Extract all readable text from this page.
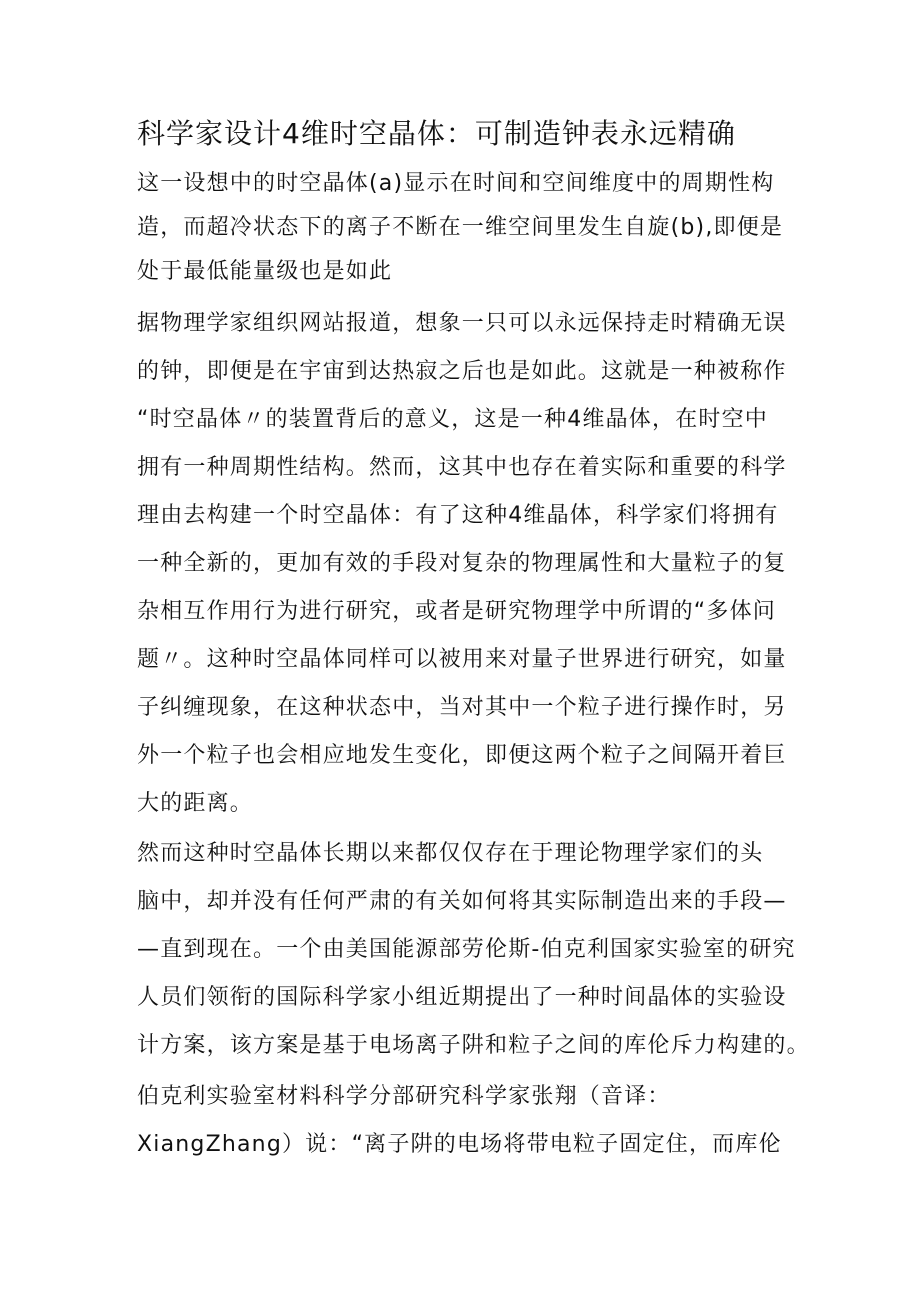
科学家设计4维时空晶体：可制造钟表永远精确
这一设想中的时空晶体(a)显示在时间和空间维度中的周期性构
造，而超冷状态下的离子不断在一维空间里发生自旋(b),即便是
处于最低能量级也是如此
据物理学家组织网站报道，想象一只可以永远保持走时精确无误
的钟，即便是在宇宙到达热寂之后也是如此。这就是一种被称作
“时空晶体〃的装置背后的意义，这是一种4维晶体，在时空中
拥有一种周期性结构。然而，这其中也存在着实际和重要的科学
理由去构建一个时空晶体：有了这种4维晶体，科学家们将拥有
一种全新的，更加有效的手段对复杂的物理属性和大量粒子的复
杂相互作用行为进行研究，或者是研究物理学中所谓的“多体问
题〃。这种时空晶体同样可以被用来对量子世界进行研究，如量
子纠缠现象，在这种状态中，当对其中一个粒子进行操作时，另
外一个粒子也会相应地发生变化，即便这两个粒子之间隔开着巨
大的距离。
然而这种时空晶体长期以来都仅仅存在于理论物理学家们的头
脑中，却并没有任何严肃的有关如何将其实际制造出来的手段—
—直到现在。一个由美国能源部劳伦斯-伯克利国家实验室的研究
人员们领衔的国际科学家小组近期提出了一种时间晶体的实验设
计方案，该方案是基于电场离子阱和粒子之间的库伦斥力构建的。
伯克利实验室材料科学分部研究科学家张翔（音译：
XiangZhang）说：“离子阱的电场将带电粒子固定住，而库伦
